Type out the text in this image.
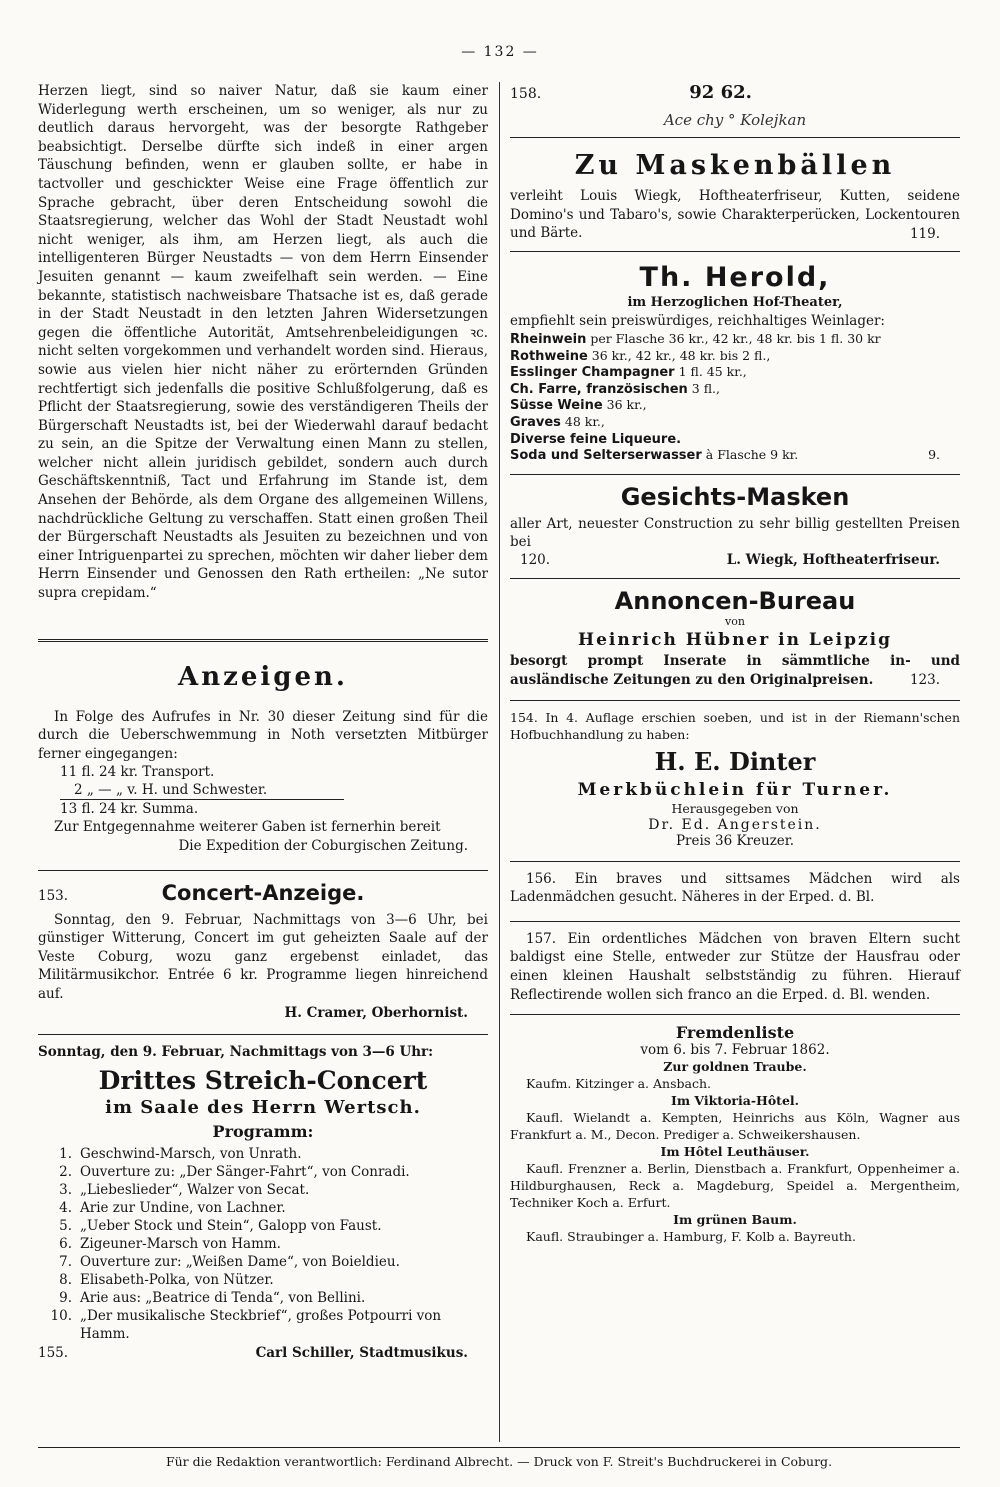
— 132 —

Herzen liegt, sind so naiver Natur, daß sie kaum einer Widerlegung werth erscheinen, um so weniger, als nur zu deutlich daraus hervorgeht, was der besorgte Rathgeber beabsichtigt. Derselbe dürfte sich indeß in einer argen Täuschung befinden, wenn er glauben sollte, er habe in tactvoller und geschickter Weise eine Frage öffentlich zur Sprache gebracht, über deren Entscheidung sowohl die Staatsregierung, welcher das Wohl der Stadt Neustadt wohl nicht weniger, als ihm, am Herzen liegt, als auch die intelligenteren Bürger Neustadts — von dem Herrn Einsender Jesuiten genannt — kaum zweifelhaft sein werden. — Eine bekannte, statistisch nachweisbare Thatsache ist es, daß gerade in der Stadt Neustadt in den letzten Jahren Widersetzungen gegen die öffentliche Autorität, Amtsehrenbeleidigungen ꝛc. nicht selten vorgekommen und verhandelt worden sind. Hieraus, sowie aus vielen hier nicht näher zu erörternden Gründen rechtfertigt sich jedenfalls die positive Schlußfolgerung, daß es Pflicht der Staatsregierung, sowie des verständigeren Theils der Bürgerschaft Neustadts ist, bei der Wiederwahl darauf bedacht zu sein, an die Spitze der Verwaltung einen Mann zu stellen, welcher nicht allein juridisch gebildet, sondern auch durch Geschäftskenntniß, Tact und Erfahrung im Stande ist, dem Ansehen der Behörde, als dem Organe des allgemeinen Willens, nachdrückliche Geltung zu verschaffen. Statt einen großen Theil der Bürgerschaft Neustadts als Jesuiten zu bezeichnen und von einer Intriguenpartei zu sprechen, möchten wir daher lieber dem Herrn Einsender und Genossen den Rath ertheilen: „Ne sutor supra crepidam.“

Anzeigen.

In Folge des Aufrufes in Nr. 30 dieser Zeitung sind für die durch die Ueberschwemmung in Noth versetzten Mitbürger ferner eingegangen:

11 fl. 24 kr. Transport.
2 „ — „ v. H. und Schwester.
13 fl. 24 kr. Summa.

Zur Entgegennahme weiterer Gaben ist fernerhin bereit

Die Expedition der Coburgischen Zeitung.

153.	Concert-Anzeige.

Sonntag, den 9. Februar, Nachmittags von 3—6 Uhr, bei günstiger Witterung, Concert im gut geheizten Saale auf der Veste Coburg, wozu ganz ergebenst einladet, das Militärmusikchor. Entrée 6 kr. Programme liegen hinreichend auf.

H. Cramer, Oberhornist.

Sonntag, den 9. Februar, Nachmittags von 3—6 Uhr:

Drittes Streich-Concert
im Saale des Herrn Wertsch.
Programm:
1. Geschwind-Marsch, von Unrath.
2. Ouverture zu: „Der Sänger-Fahrt“, von Conradi.
3. „Liebeslieder“, Walzer von Secat.
4. Arie zur Undine, von Lachner.
5. „Ueber Stock und Stein“, Galopp von Faust.
6. Zigeuner-Marsch von Hamm.
7. Ouverture zur: „Weißen Dame“, von Boieldieu.
8. Elisabeth-Polka, von Nützer.
9. Arie aus: „Beatrice di Tenda“, von Bellini.
10. „Der musikalische Steckbrief“, großes Potpourri von Hamm.
155.	Carl Schiller, Stadtmusikus.
158.	92 62.
Ace chy ° Kolejkan
Zu Maskenbällen

verleiht Louis Wiegk, Hoftheaterfriseur, Kutten, seidene Domino's und Tabaro's, sowie Charakterperücken, Lockentouren und Bärte.	119.

Th. Herold,
im Herzoglichen Hof-Theater,

empfiehlt sein preiswürdiges, reichhaltiges Weinlager:

Rheinwein per Flasche 36 kr., 42 kr., 48 kr. bis 1 fl. 30 kr
Rothweine 36 kr., 42 kr., 48 kr. bis 2 fl.,
Esslinger Champagner 1 fl. 45 kr.,
Ch. Farre, französischen 3 fl.,
Süsse Weine 36 kr.,
Graves 48 kr.,
Diverse feine Liqueure.
Soda und Selterserwasser à Flasche 9 kr.	9.
Gesichts-Masken

aller Art, neuester Construction zu sehr billig gestellten Preisen bei

120.	L. Wiegk, Hoftheaterfriseur.
Annoncen-Bureau
von
Heinrich Hübner in Leipzig

besorgt prompt Inserate in sämmtliche in- und ausländische Zeitungen zu den Originalpreisen.	123.

154. In 4. Auflage erschien soeben, und ist in der Riemann'schen Hofbuchhandlung zu haben:

H. E. Dinter
Merkbüchlein für Turner.
Herausgegeben von
Dr. Ed. Angerstein.
Preis 36 Kreuzer.

156. Ein braves und sittsames Mädchen wird als Ladenmädchen gesucht. Näheres in der Erped. d. Bl.

157. Ein ordentliches Mädchen von braven Eltern sucht baldigst eine Stelle, entweder zur Stütze der Hausfrau oder einen kleinen Haushalt selbstständig zu führen. Hierauf Reflectirende wollen sich franco an die Erped. d. Bl. wenden.

Fremdenliste
vom 6. bis 7. Februar 1862.
Zur goldnen Traube.

Kaufm. Kitzinger a. Ansbach.

Im Viktoria-Hôtel.

Kaufl. Wielandt a. Kempten, Heinrichs aus Köln, Wagner aus Frankfurt a. M., Decon. Prediger a. Schweikershausen.

Im Hôtel Leuthäuser.

Kaufl. Frenzner a. Berlin, Dienstbach a. Frankfurt, Oppenheimer a. Hildburghausen, Reck a. Magdeburg, Speidel a. Mergentheim, Techniker Koch a. Erfurt.

Im grünen Baum.

Kaufl. Straubinger a. Hamburg, F. Kolb a. Bayreuth.

Für die Redaktion verantwortlich: Ferdinand Albrecht. — Druck von F. Streit's Buchdruckerei in Coburg.
